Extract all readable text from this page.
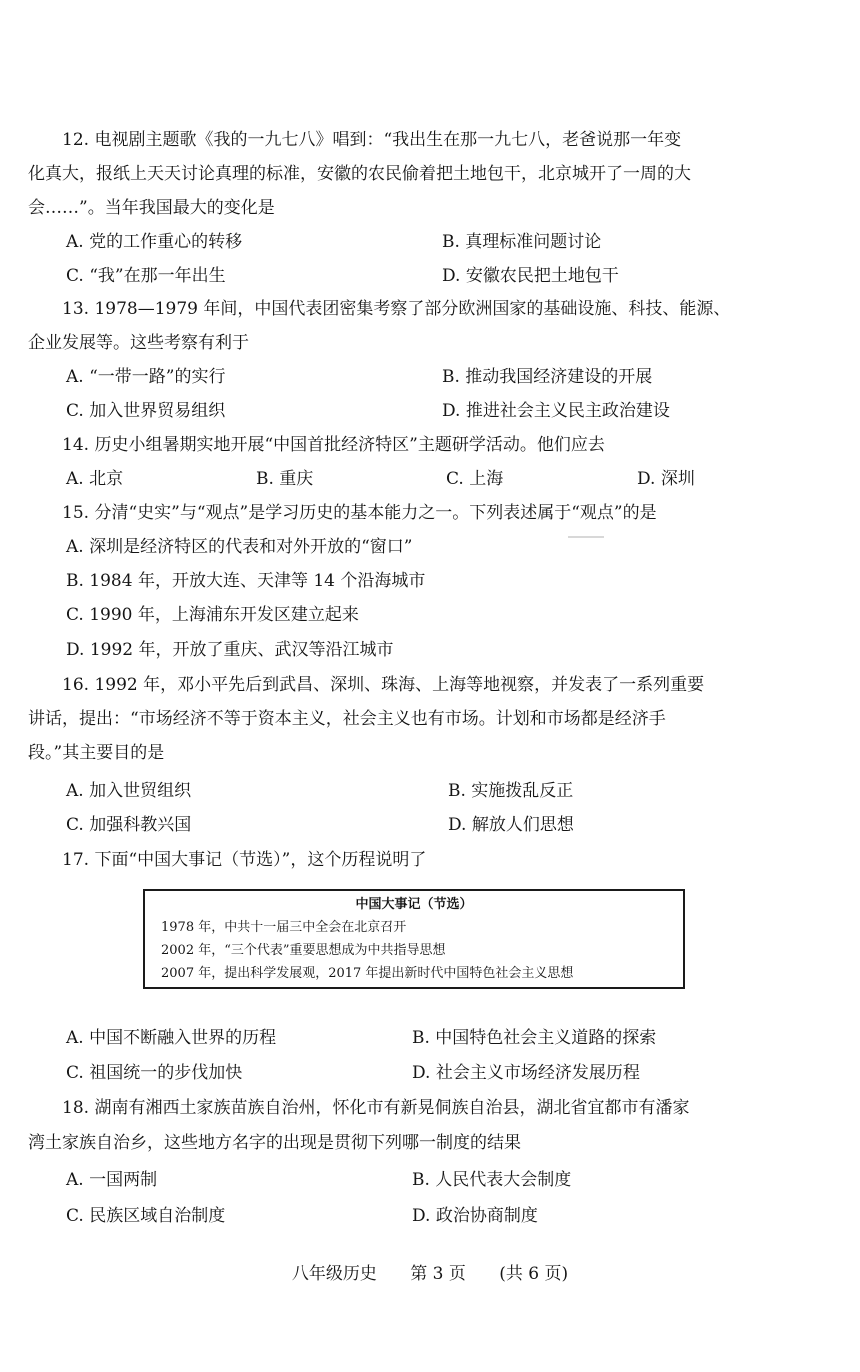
12. 电视剧主题歌《我的一九七八》唱到：“我出生在那一九七八，老爸说那一年变
化真大，报纸上天天讨论真理的标准，安徽的农民偷着把土地包干，北京城开了一周的大
会……”。当年我国最大的变化是
A. 党的工作重心的转移	B. 真理标准问题讨论
C. “我”在那一年出生	D. 安徽农民把土地包干
13. 1978—1979 年间，中国代表团密集考察了部分欧洲国家的基础设施、科技、能源、
企业发展等。这些考察有利于
A. “一带一路”的实行	B. 推动我国经济建设的开展
C. 加入世界贸易组织	D. 推进社会主义民主政治建设
14. 历史小组暑期实地开展“中国首批经济特区”主题研学活动。他们应去
A. 北京	B. 重庆	C. 上海	D. 深圳
15. 分清“史实”与“观点”是学习历史的基本能力之一。下列表述属于“观点”的是
A. 深圳是经济特区的代表和对外开放的“窗口”
B. 1984 年，开放大连、天津等 14 个沿海城市
C. 1990 年，上海浦东开发区建立起来
D. 1992 年，开放了重庆、武汉等沿江城市
16. 1992 年，邓小平先后到武昌、深圳、珠海、上海等地视察，并发表了一系列重要
讲话，提出：“市场经济不等于资本主义，社会主义也有市场。计划和市场都是经济手
段。”其主要目的是
A. 加入世贸组织	B. 实施拨乱反正
C. 加强科教兴国	D. 解放人们思想
17. 下面“中国大事记（节选）”，这个历程说明了
中国大事记（节选）
1978 年，中共十一届三中全会在北京召开
2002 年，“三个代表”重要思想成为中共指导思想
2007 年，提出科学发展观，2017 年提出新时代中国特色社会主义思想
A. 中国不断融入世界的历程	B. 中国特色社会主义道路的探索
C. 祖国统一的步伐加快	D. 社会主义市场经济发展历程
18. 湖南有湘西土家族苗族自治州，怀化市有新晃侗族自治县，湖北省宜都市有潘家
湾土家族自治乡，这些地方名字的出现是贯彻下列哪一制度的结果
A. 一国两制	B. 人民代表大会制度
C. 民族区域自治制度	D. 政治协商制度
八年级历史 第 3 页 (共 6 页)
